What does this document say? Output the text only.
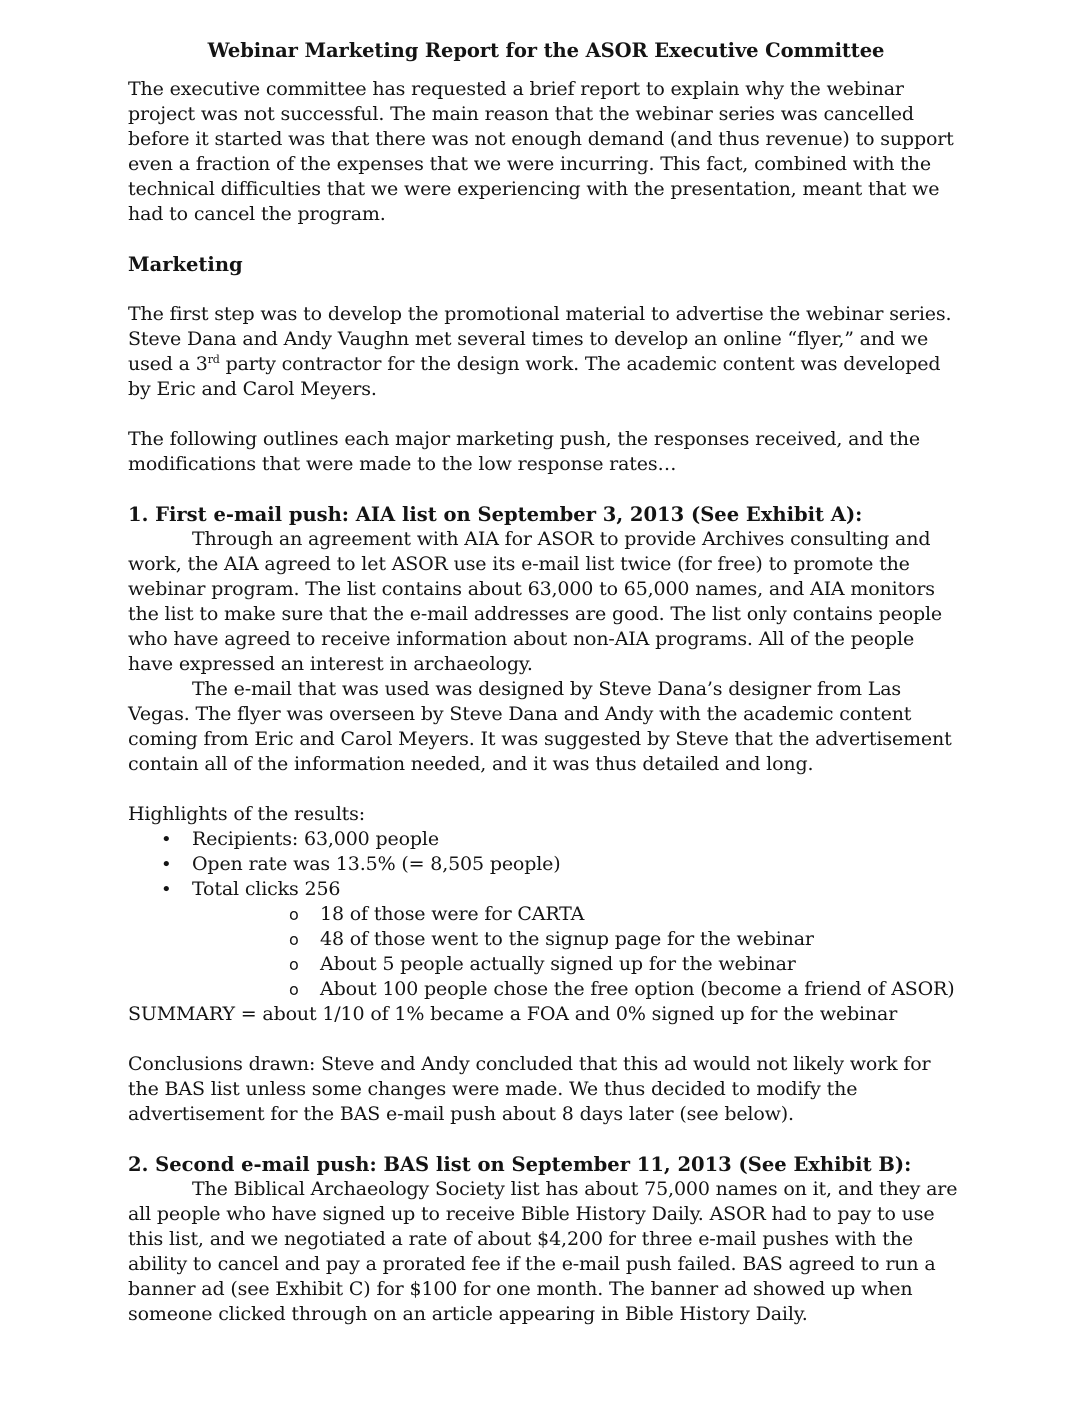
Webinar Marketing Report for the ASOR Executive Committee

The executive committee has requested a brief report to explain why the webinar project was not successful. The main reason that the webinar series was cancelled before it started was that there was not enough demand (and thus revenue) to support even a fraction of the expenses that we were incurring. This fact, combined with the technical difficulties that we were experiencing with the presentation, meant that we had to cancel the program.

Marketing

The first step was to develop the promotional material to advertise the webinar series. Steve Dana and Andy Vaughn met several times to develop an online “flyer,” and we used a 3rd party contractor for the design work. The academic content was developed by Eric and Carol Meyers.

The following outlines each major marketing push, the responses received, and the modifications that were made to the low response rates…

1. First e-mail push: AIA list on September 3, 2013 (See Exhibit A):

Through an agreement with AIA for ASOR to provide Archives consulting and work, the AIA agreed to let ASOR use its e-mail list twice (for free) to promote the webinar program. The list contains about 63,000 to 65,000 names, and AIA monitors the list to make sure that the e-mail addresses are good. The list only contains people who have agreed to receive information about non-AIA programs. All of the people have expressed an interest in archaeology.

The e-mail that was used was designed by Steve Dana’s designer from Las Vegas. The flyer was overseen by Steve Dana and Andy with the academic content coming from Eric and Carol Meyers. It was suggested by Steve that the advertisement contain all of the information needed, and it was thus detailed and long.

Highlights of the results:

• Recipients: 63,000 people
• Open rate was 13.5% (= 8,505 people)
• Total clicks 256
o 18 of those were for CARTA
o 48 of those went to the signup page for the webinar
o About 5 people actually signed up for the webinar
o About 100 people chose the free option (become a friend of ASOR)

SUMMARY = about 1/10 of 1% became a FOA and 0% signed up for the webinar

Conclusions drawn: Steve and Andy concluded that this ad would not likely work for the BAS list unless some changes were made. We thus decided to modify the advertisement for the BAS e-mail push about 8 days later (see below).

2. Second e-mail push: BAS list on September 11, 2013 (See Exhibit B):

The Biblical Archaeology Society list has about 75,000 names on it, and they are all people who have signed up to receive Bible History Daily. ASOR had to pay to use this list, and we negotiated a rate of about $4,200 for three e-mail pushes with the ability to cancel and pay a prorated fee if the e-mail push failed. BAS agreed to run a banner ad (see Exhibit C) for $100 for one month. The banner ad showed up when someone clicked through on an article appearing in Bible History Daily.
